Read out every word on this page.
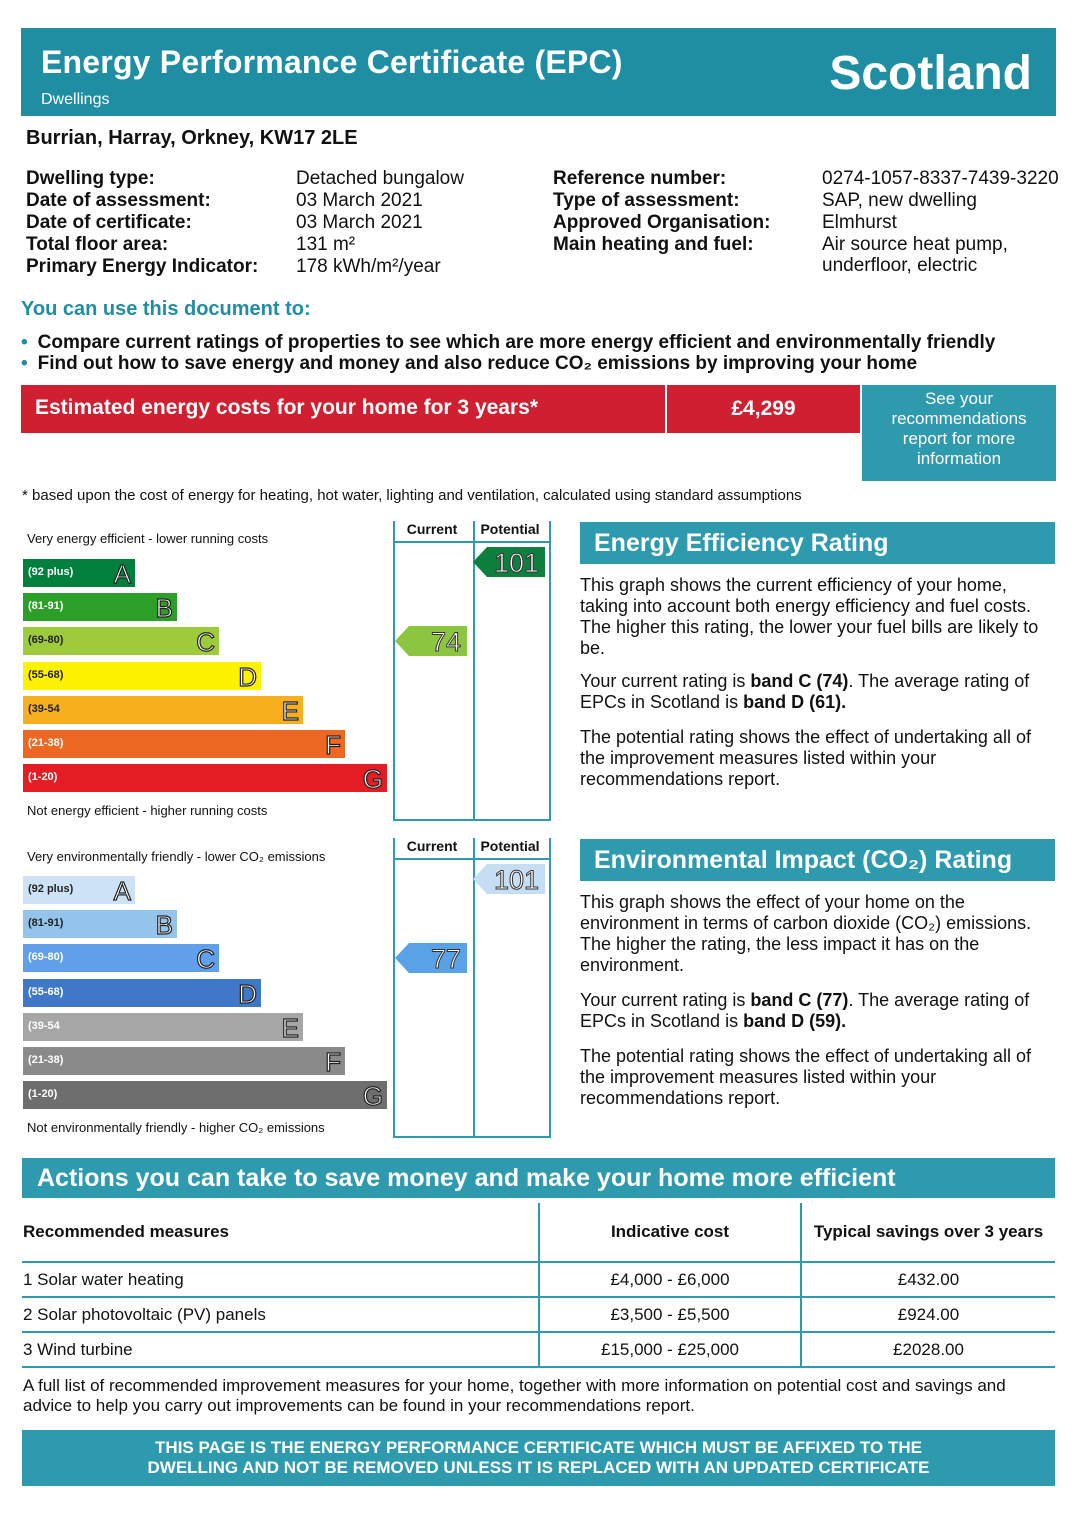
Energy Performance Certificate (EPC)
Dwellings	Scotland
Burrian, Harray, Orkney, KW17 2LE
Dwelling type:	Detached bungalow
Date of assessment:	03 March 2021
Date of certificate:	03 March 2021
Total floor area:	131 m²
Primary Energy Indicator: 178 kWh/m²/year
Reference number:	0274-1057-8337-7439-3220
Type of assessment:	SAP, new dwelling
Approved Organisation:	Elmhurst
Main heating and fuel:	Air source heat pump,
underfloor, electric
You can use this document to:
• Compare current ratings of properties to see which are more energy efficient and environmentally friendly
• Find out how to save energy and money and also reduce CO₂ emissions by improving your home
Estimated energy costs for your home for 3 years*	£4,299	See your
recommendations
report for more
information
* based upon the cost of energy for heating, hot water, lighting and ventilation, calculated using standard assumptions
Current	Potential
Very energy efficient - lower running costs
Not energy efficient - higher running costs
(92 plus) A
(81-91)	B
(69-80)	C
(55-68)	D
(39-54	E
(21-38)	F
(1-20)	G
74
101
Energy Efficiency Rating
This graph shows the current efficiency of your home, taking into account both energy efficiency and fuel costs. The higher this rating, the lower your fuel bills are likely to be.
Your current rating is band C (74). The average rating of EPCs in Scotland is band D (61).
The potential rating shows the effect of undertaking all of the improvement measures listed within your recommendations report.
Current	Potential
Very environmentally friendly - lower CO₂ emissions
Not environmentally friendly - higher CO₂ emissions
(92 plus) A
(81-91)	B
(69-80)	C
(55-68)	D
(39-54	E
(21-38)	F
(1-20)	G
77
101
Environmental Impact (CO₂) Rating
This graph shows the effect of your home on the environment in terms of carbon dioxide (CO₂) emissions. The higher the rating, the less impact it has on the environment.
Your current rating is band C (77). The average rating of EPCs in Scotland is band D (59).
The potential rating shows the effect of undertaking all of the improvement measures listed within your recommendations report.
Actions you can take to save money and make your home more efficient
Recommended measures	Indicative cost	Typical savings over 3 years
1 Solar water heating	£4,000 - £6,000	£432.00
2 Solar photovoltaic (PV) panels	£3,500 - £5,500	£924.00
3 Wind turbine	£15,000 - £25,000	£2028.00
A full list of recommended improvement measures for your home, together with more information on potential cost and savings and advice to help you carry out improvements can be found in your recommendations report.
THIS PAGE IS THE ENERGY PERFORMANCE CERTIFICATE WHICH MUST BE AFFIXED TO THE
DWELLING AND NOT BE REMOVED UNLESS IT IS REPLACED WITH AN UPDATED CERTIFICATE
